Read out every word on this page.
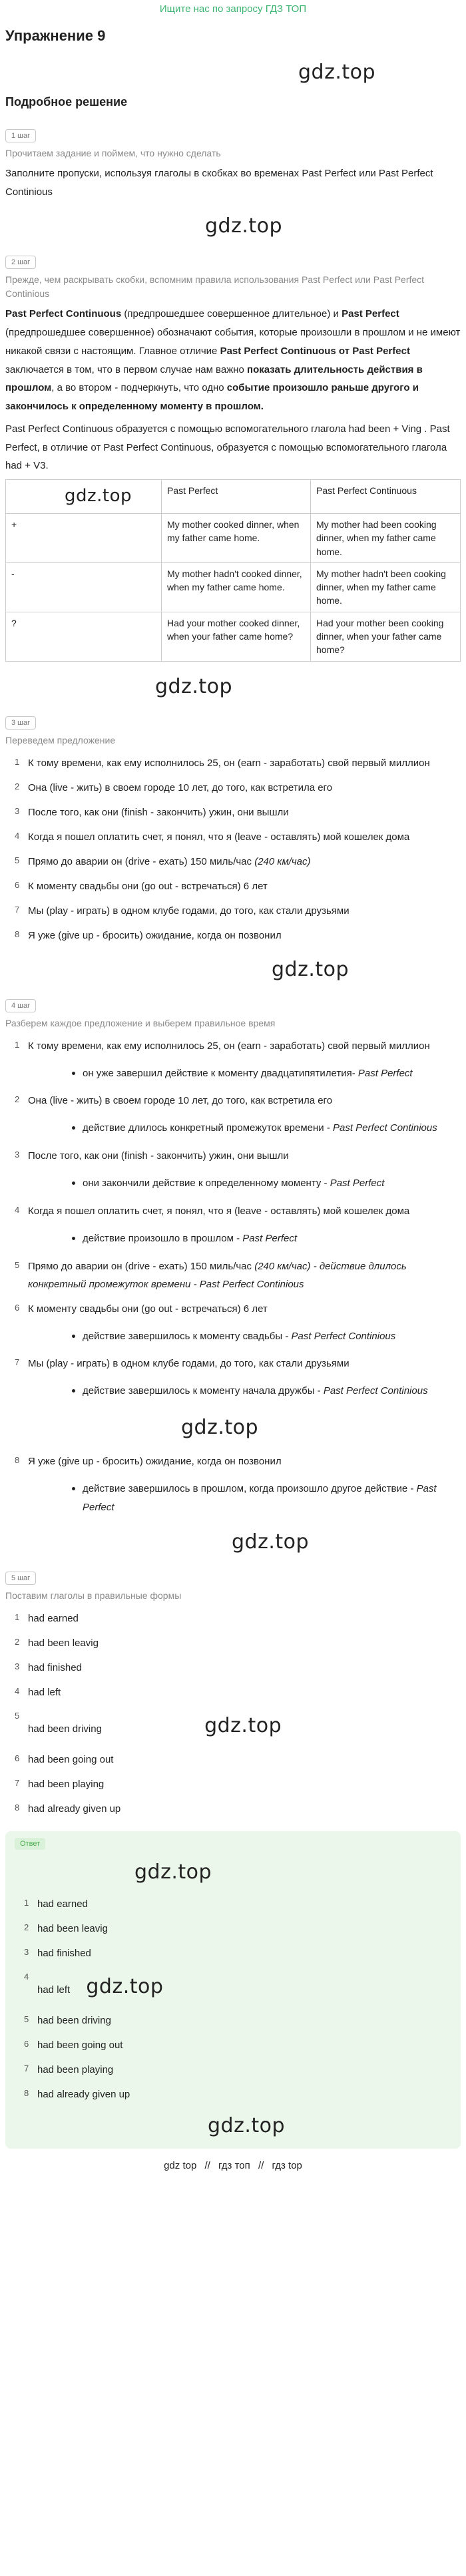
Ищите нас по запросу ГДЗ ТОП
Упражнение 9
gdz.top
Подробное решение
1 шаг
Прочитаем задание и поймем, что нужно сделать
Заполните пропуски, используя глаголы в скобках во временах Past Perfect или Past Perfect Continious
gdz.top
2 шаг
Прежде, чем раскрывать скобки, вспомним правила использования Past Perfect или Past Perfect Continious
Past Perfect Continuous (предпрошедшее совершенное длительное) и Past Perfect (предпрошедшее совершенное) обозначают события, которые произошли в прошлом и не имеют никакой связи с настоящим. Главное отличие Past Perfect Continuous от Past Perfect заключается в том, что в первом случае нам важно показать длительность действия в прошлом, а во втором - подчеркнуть, что одно событие произошло раньше другого и закончилось к определенному моменту в прошлом.
Past Perfect Continuous образуется с помощью вспомогательного глагола had been + Ving . Past Perfect, в отличие от Past Perfect Continuous, образуется с помощью вспомогательного глагола had + V3.
gdz.top	Past Perfect	Past Perfect Continuous
+	My mother cooked dinner, when my father came home.	My mother had been cooking dinner, when my father came home.
-	My mother hadn't cooked dinner, when my father came home.	My mother hadn't been cooking dinner, when my father came home.
?	Had your mother cooked dinner, when your father came home?	Had your mother been cooking dinner, when your father came home?
gdz.top
3 шаг
Переведем предложение
1 К тому времени, как ему исполнилось 25, он (earn - заработать) свой первый миллион
2 Она (live - жить) в своем городе 10 лет, до того, как встретила его
3 После того, как они (finish - закончить) ужин, они вышли
4 Когда я пошел оплатить счет, я понял, что я (leave - оставлять) мой кошелек дома
5 Прямо до аварии он (drive - ехать) 150 миль/час (240 км/час)
6 К моменту свадьбы они (go out - встречаться) 6 лет
7 Мы (play - играть) в одном клубе годами, до того, как стали друзьями
8 Я уже (give up - бросить) ожидание, когда он позвонил
gdz.top
4 шаг
Разберем каждое предложение и выберем правильное время
1 К тому времени, как ему исполнилось 25, он (earn - заработать) свой первый миллион
он уже завершил действие к моменту двадцатипятилетия- Past Perfect
2 Она (live - жить) в своем городе 10 лет, до того, как встретила его
действие длилось конкретный промежуток времени - Past Perfect Continious
3 После того, как они (finish - закончить) ужин, они вышли
они закончили действие к определенному моменту - Past Perfect
4 Когда я пошел оплатить счет, я понял, что я (leave - оставлять) мой кошелек дома
действие произошло в прошлом - Past Perfect
5 Прямо до аварии он (drive - ехать) 150 миль/час (240 км/час) - действие длилось конкретный промежуток времени - Past Perfect Continious
6 К моменту свадьбы они (go out - встречаться) 6 лет
действие завершилось к моменту свадьбы - Past Perfect Continious
7 Мы (play - играть) в одном клубе годами, до того, как стали друзьями
действие завершилось к моменту начала дружбы - Past Perfect Continious
gdz.top
8 Я уже (give up - бросить) ожидание, когда он позвонил
действие завершилось в прошлом, когда произошло другое действие - Past Perfect
gdz.top
5 шаг
Поставим глаголы в правильные формы
1 had earned
2 had been leavig
3 had finished
4 had left
5
had been driving	gdz.top
6 had been going out
7 had been playing
8 had already given up
Ответ
gdz.top
1 had earned
2 had been leavig
3 had finished
4
had left gdz.top
5 had been driving
6 had been going out
7 had been playing
8 had already given up
gdz.top
gdz top // гдз топ // гдз top
